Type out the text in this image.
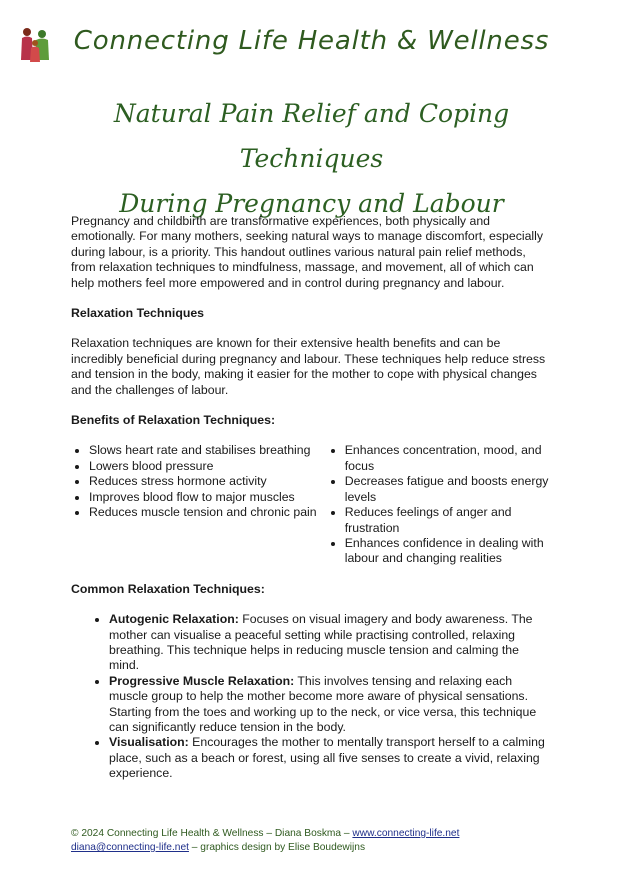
Connecting Life Health & Wellness
Natural Pain Relief and Coping Techniques
During Pregnancy and Labour

Pregnancy and childbirth are transformative experiences, both physically and emotionally. For many mothers, seeking natural ways to manage discomfort, especially during labour, is a priority. This handout outlines various natural pain relief methods, from relaxation techniques to mindfulness, massage, and movement, all of which can help mothers feel more empowered and in control during pregnancy and labour.

Relaxation Techniques

Relaxation techniques are known for their extensive health benefits and can be incredibly beneficial during pregnancy and labour. These techniques help reduce stress and tension in the body, making it easier for the mother to cope with physical changes and the challenges of labour.

Benefits of Relaxation Techniques:
• Slows heart rate and stabilises breathing
• Lowers blood pressure
• Reduces stress hormone activity
• Improves blood flow to major muscles
• Reduces muscle tension and chronic pain
• Enhances concentration, mood, and focus
• Decreases fatigue and boosts energy levels
• Reduces feelings of anger and frustration
• Enhances confidence in dealing with labour and changing realities
Common Relaxation Techniques:
• Autogenic Relaxation: Focuses on visual imagery and body awareness. The mother can visualise a peaceful setting while practising controlled, relaxing breathing. This technique helps in reducing muscle tension and calming the mind.
• Progressive Muscle Relaxation: This involves tensing and relaxing each muscle group to help the mother become more aware of physical sensations. Starting from the toes and working up to the neck, or vice versa, this technique can significantly reduce tension in the body.
• Visualisation: Encourages the mother to mentally transport herself to a calming place, such as a beach or forest, using all five senses to create a vivid, relaxing experience.
© 2024 Connecting Life Health & Wellness – Diana Boskma – www.connecting-life.net
diana@connecting-life.net – graphics design by Elise Boudewijns
